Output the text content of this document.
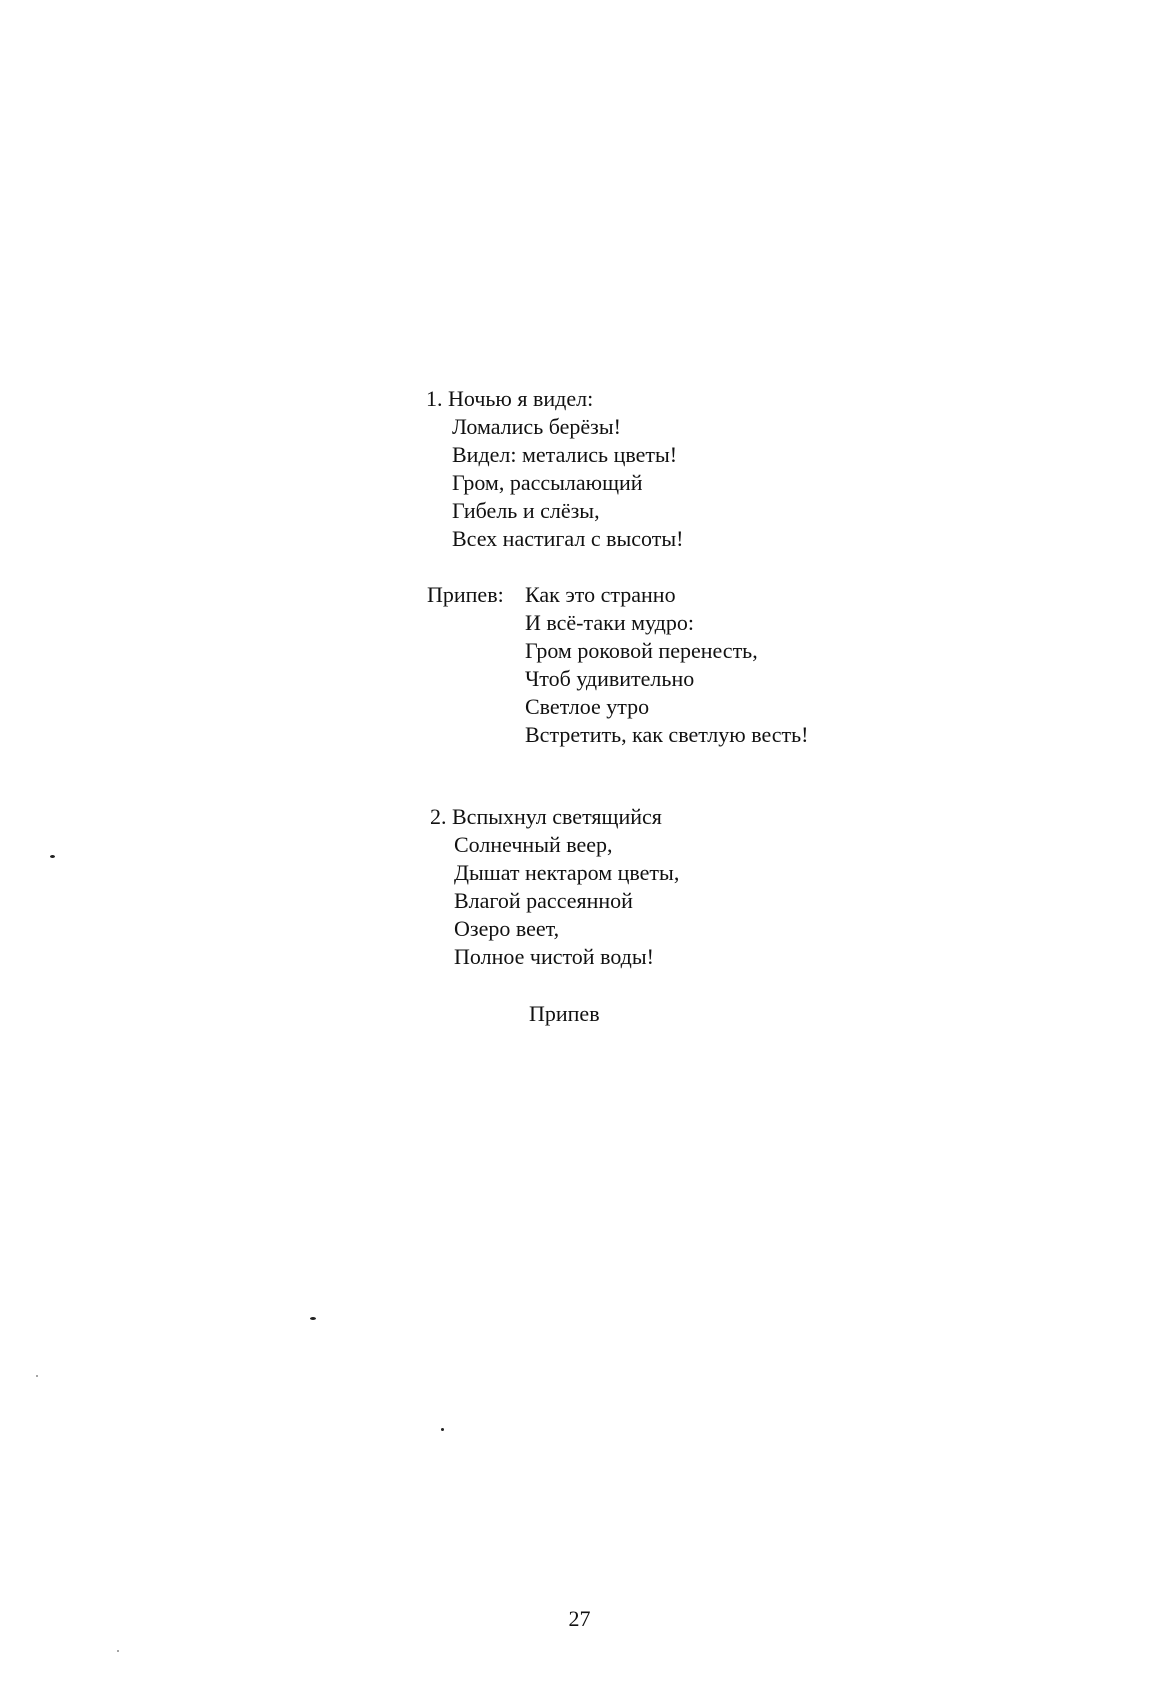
1. Ночью я видел:
Ломались берёзы!
Видел: метались цветы!
Гром, рассылающий
Гибель и слёзы,
Всех настигал с высоты!
Припев: Как это странно
И всё-таки мудро:
Гром роковой перенесть,
Чтоб удивительно
Светлое утро
Встретить, как светлую весть!
2. Вспыхнул светящийся
Солнечный веер,
Дышат нектаром цветы,
Влагой рассеянной
Озеро веет,
Полное чистой воды!
Припев
27
